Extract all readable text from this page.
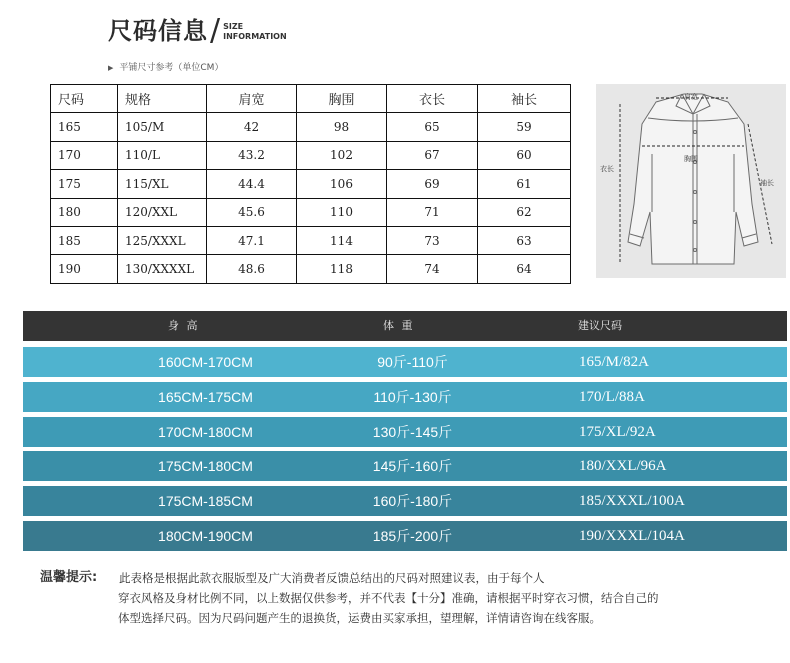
尺码信息 / SIZE
INFORMATION
▶ 平铺尺寸参考（单位CM）
尺码	规格	肩宽	胸围	衣长	袖长
165	105/M	42	98	65	59
170	110/L	43.2	102	67	60
175	115/XL	44.4	106	69	61
180	120/XXL	45.6	110	71	62
185	125/XXXL	47.1	114	73	63
190	130/XXXXL	48.6	118	74	64
肩宽
胸围
衣长
袖长
身 高	体 重	建议尺码
160CM-170CM	90斤-110斤	165/M/82A
165CM-175CM	110斤-130斤	170/L/88A
170CM-180CM	130斤-145斤	175/XL/92A
175CM-180CM	145斤-160斤	180/XXL/96A
175CM-185CM	160斤-180斤	185/XXXL/100A
180CM-190CM	185斤-200斤	190/XXXL/104A
温馨提示: 此表格是根据此款衣服版型及广大消费者反馈总结出的尺码对照建议表，由于每个人
穿衣风格及身材比例不同，以上数据仅供参考，并不代表【十分】准确，请根据平时穿衣习惯，结合自己的
体型选择尺码。因为尺码问题产生的退换货，运费由买家承担，望理解，详情请咨询在线客服。
